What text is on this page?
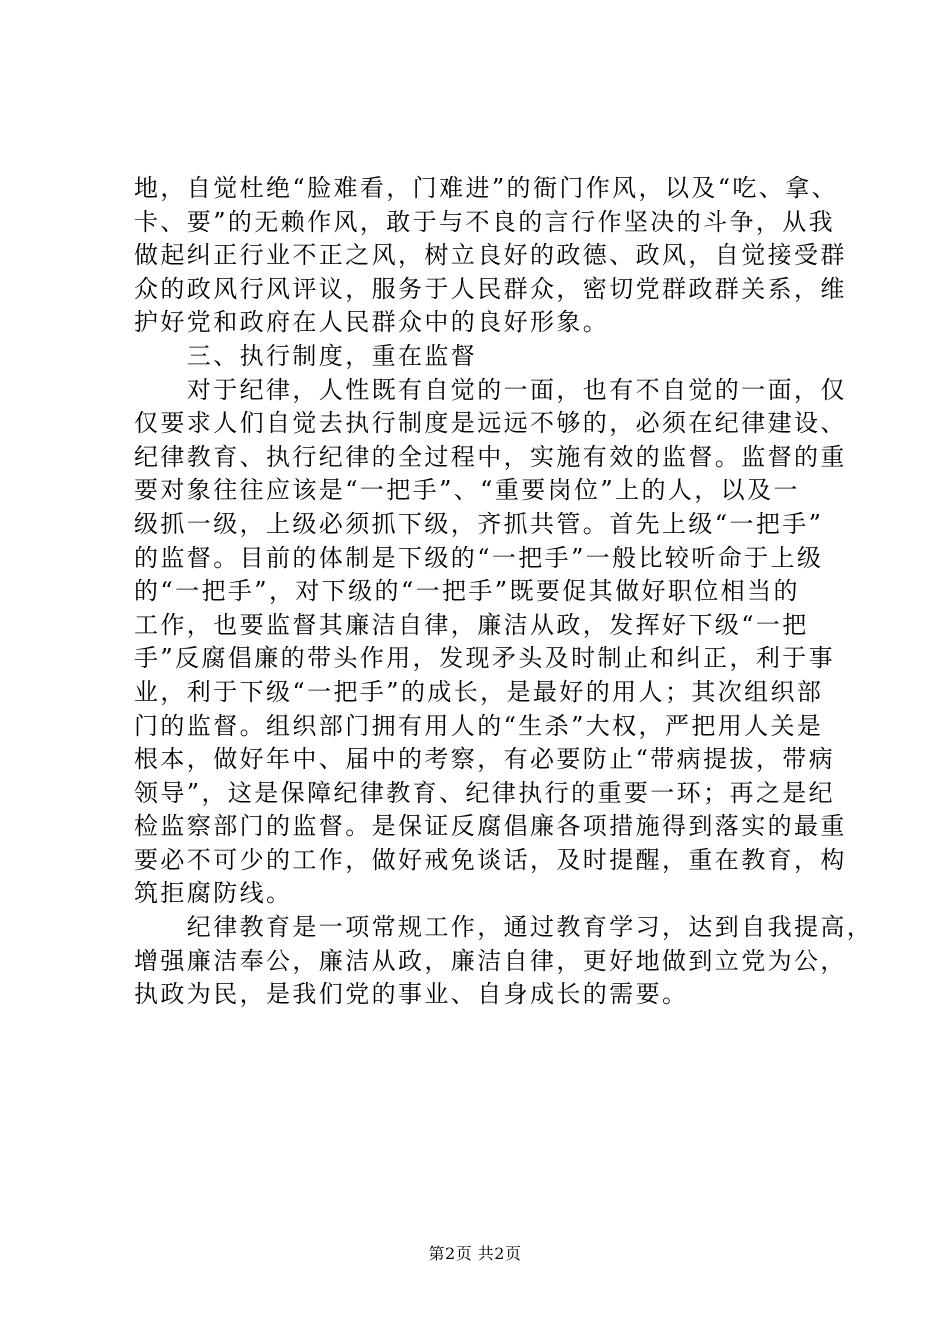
地，自觉杜绝“脸难看，门难进”的衙门作风，以及“吃、拿、
卡、要”的无赖作风，敢于与不良的言行作坚决的斗争，从我
做起纠正行业不正之风，树立良好的政德、政风，自觉接受群
众的政风行风评议，服务于人民群众，密切党群政群关系，维
护好党和政府在人民群众中的良好形象。
　　三、执行制度，重在监督
　　对于纪律，人性既有自觉的一面，也有不自觉的一面，仅
仅要求人们自觉去执行制度是远远不够的，必须在纪律建设、
纪律教育、执行纪律的全过程中，实施有效的监督。监督的重
要对象往往应该是“一把手”、“重要岗位”上的人，以及一
级抓一级，上级必须抓下级，齐抓共管。首先上级“一把手”
的监督。目前的体制是下级的“一把手”一般比较听命于上级
的“一把手”，对下级的“一把手”既要促其做好职位相当的
工作，也要监督其廉洁自律，廉洁从政，发挥好下级“一把
手”反腐倡廉的带头作用，发现矛头及时制止和纠正，利于事
业，利于下级“一把手”的成长，是最好的用人；其次组织部
门的监督。组织部门拥有用人的“生杀”大权，严把用人关是
根本，做好年中、届中的考察，有必要防止“带病提拔，带病
领导”，这是保障纪律教育、纪律执行的重要一环；再之是纪
检监察部门的监督。是保证反腐倡廉各项措施得到落实的最重
要必不可少的工作，做好戒免谈话，及时提醒，重在教育，构
筑拒腐防线。
　　纪律教育是一项常规工作，通过教育学习，达到自我提高，
增强廉洁奉公，廉洁从政，廉洁自律，更好地做到立党为公，
执政为民，是我们党的事业、自身成长的需要。
第2页 共2页
